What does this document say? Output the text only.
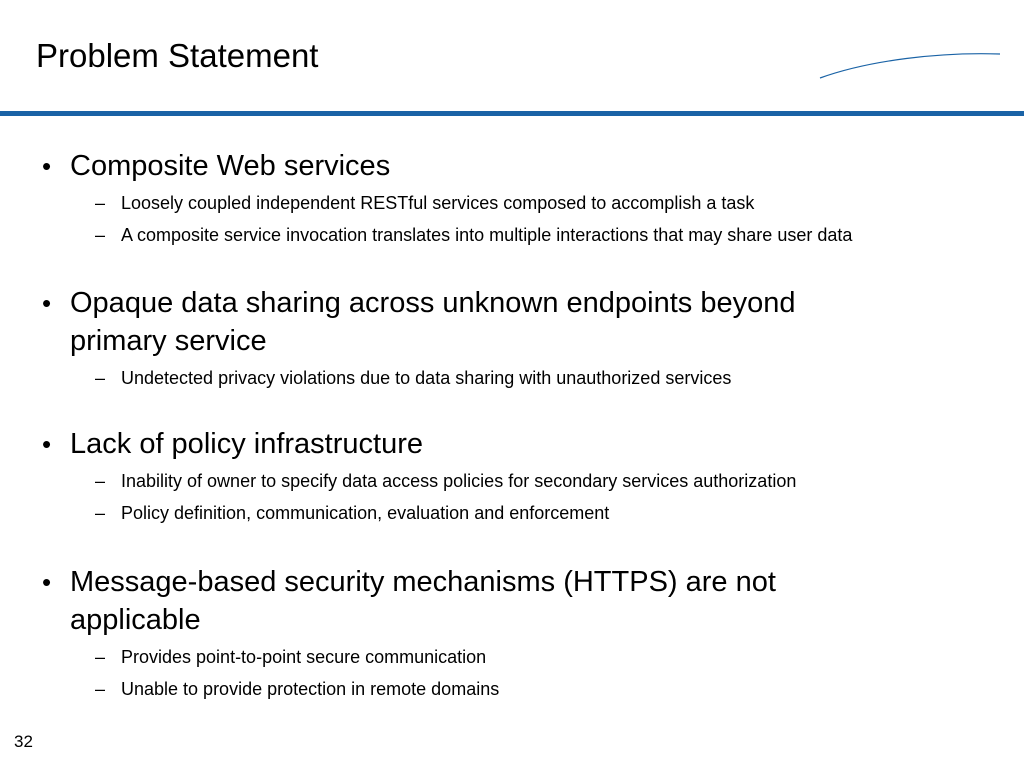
Problem Statement
• Composite Web services
– Loosely coupled independent RESTful services composed to accomplish a task
– A composite service invocation translates into multiple interactions that may share user data
• Opaque data sharing across unknown endpoints beyond primary service
– Undetected privacy violations due to data sharing with unauthorized services
• Lack of policy infrastructure
– Inability of owner to specify data access policies for secondary services authorization
– Policy definition, communication, evaluation and enforcement
• Message-based security mechanisms (HTTPS) are not applicable
– Provides point-to-point secure communication
– Unable to provide protection in remote domains
32
